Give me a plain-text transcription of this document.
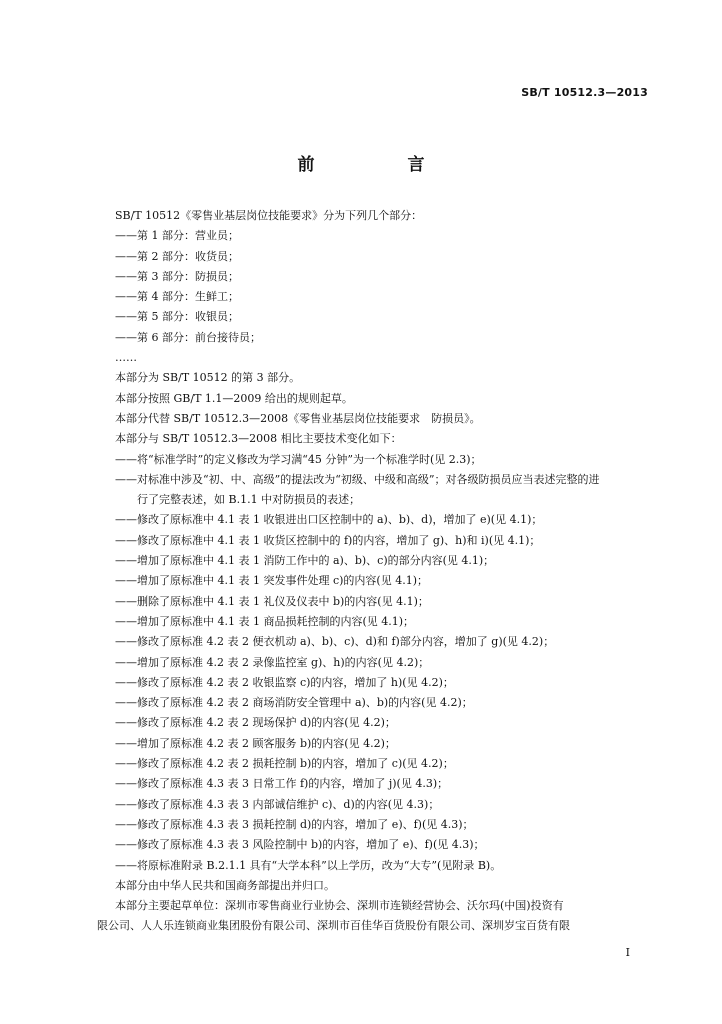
SB/T 10512.3—2013
前　言
SB/T 10512《零售业基层岗位技能要求》分为下列几个部分：
——第 1 部分：营业员；
——第 2 部分：收货员；
——第 3 部分：防损员；
——第 4 部分：生鲜工；
——第 5 部分：收银员；
——第 6 部分：前台接待员；
……
本部分为 SB/T 10512 的第 3 部分。
本部分按照 GB/T 1.1—2009 给出的规则起草。
本部分代替 SB/T 10512.3—2008《零售业基层岗位技能要求　防损员》。
本部分与 SB/T 10512.3—2008 相比主要技术变化如下：
——将“标准学时”的定义修改为学习满“45 分钟”为一个标准学时(见 2.3)；
——对标准中涉及“初、中、高级”的提法改为“初级、中级和高级”；对各级防损员应当表述完整的进
行了完整表述，如 B.1.1 中对防损员的表述；
——修改了原标准中 4.1 表 1 收银进出口区控制中的 a)、b)、d)，增加了 e)(见 4.1)；
——修改了原标准中 4.1 表 1 收货区控制中的 f)的内容，增加了 g)、h)和 i)(见 4.1)；
——增加了原标准中 4.1 表 1 消防工作中的 a)、b)、c)的部分内容(见 4.1)；
——增加了原标准中 4.1 表 1 突发事件处理 c)的内容(见 4.1)；
——删除了原标准中 4.1 表 1 礼仪及仪表中 b)的内容(见 4.1)；
——增加了原标准中 4.1 表 1 商品损耗控制的内容(见 4.1)；
——修改了原标准 4.2 表 2 便衣机动 a)、b)、c)、d)和 f)部分内容，增加了 g)(见 4.2)；
——增加了原标准 4.2 表 2 录像监控室 g)、h)的内容(见 4.2)；
——修改了原标准 4.2 表 2 收银监察 c)的内容，增加了 h)(见 4.2)；
——修改了原标准 4.2 表 2 商场消防安全管理中 a)、b)的内容(见 4.2)；
——修改了原标准 4.2 表 2 现场保护 d)的内容(见 4.2)；
——增加了原标准 4.2 表 2 顾客服务 b)的内容(见 4.2)；
——修改了原标准 4.2 表 2 损耗控制 b)的内容，增加了 c)(见 4.2)；
——修改了原标准 4.3 表 3 日常工作 f)的内容，增加了 j)(见 4.3)；
——修改了原标准 4.3 表 3 内部诚信维护 c)、d)的内容(见 4.3)；
——修改了原标准 4.3 表 3 损耗控制 d)的内容，增加了 e)、f)(见 4.3)；
——修改了原标准 4.3 表 3 风险控制中 b)的内容，增加了 e)、f)(见 4.3)；
——将原标准附录 B.2.1.1 具有“大学本科”以上学历，改为“大专”(见附录 B)。
本部分由中华人民共和国商务部提出并归口。
本部分主要起草单位：深圳市零售商业行业协会、深圳市连锁经营协会、沃尔玛(中国)投资有
限公司、人人乐连锁商业集团股份有限公司、深圳市百佳华百货股份有限公司、深圳岁宝百货有限
I
